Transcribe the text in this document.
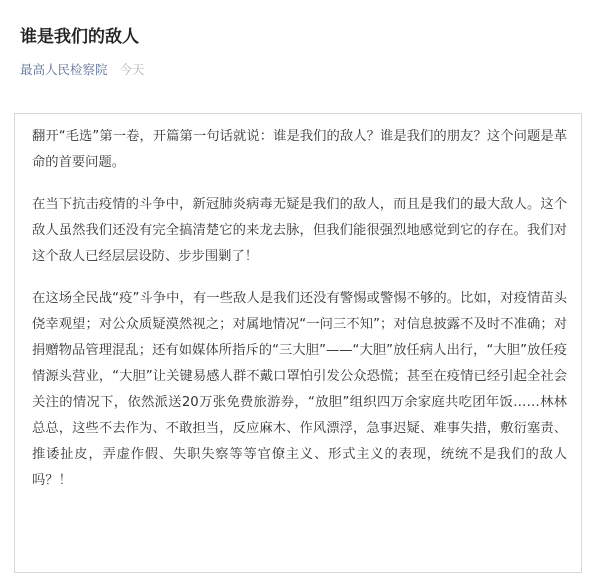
谁是我们的敌人
最高人民检察院 今天

翻开“毛选”第一卷，开篇第一句话就说：谁是我们的敌人？谁是我们的朋友？这个问题是革命的首要问题。

在当下抗击疫情的斗争中，新冠肺炎病毒无疑是我们的敌人，而且是我们的最大敌人。这个敌人虽然我们还没有完全搞清楚它的来龙去脉，但我们能很强烈地感觉到它的存在。我们对这个敌人已经层层设防、步步围剿了！

在这场全民战“疫”斗争中，有一些敌人是我们还没有警惕或警惕不够的。比如，对疫情苗头侥幸观望；对公众质疑漠然视之；对属地情况“一问三不知”；对信息披露不及时不准确；对捐赠物品管理混乱；还有如媒体所指斥的“三大胆”——“大胆”放任病人出行，“大胆”放任疫情源头营业，“大胆”让关键易感人群不戴口罩怕引发公众恐慌；甚至在疫情已经引起全社会关注的情况下，依然派送20万张免费旅游券，“放胆”组织四万余家庭共吃团年饭……林林总总，这些不去作为、不敢担当，反应麻木、作风漂浮，急事迟疑、难事失措，敷衍塞责、推诿扯皮，弄虚作假、失职失察等等官僚主义、形式主义的表现，统统不是我们的敌人吗？！
